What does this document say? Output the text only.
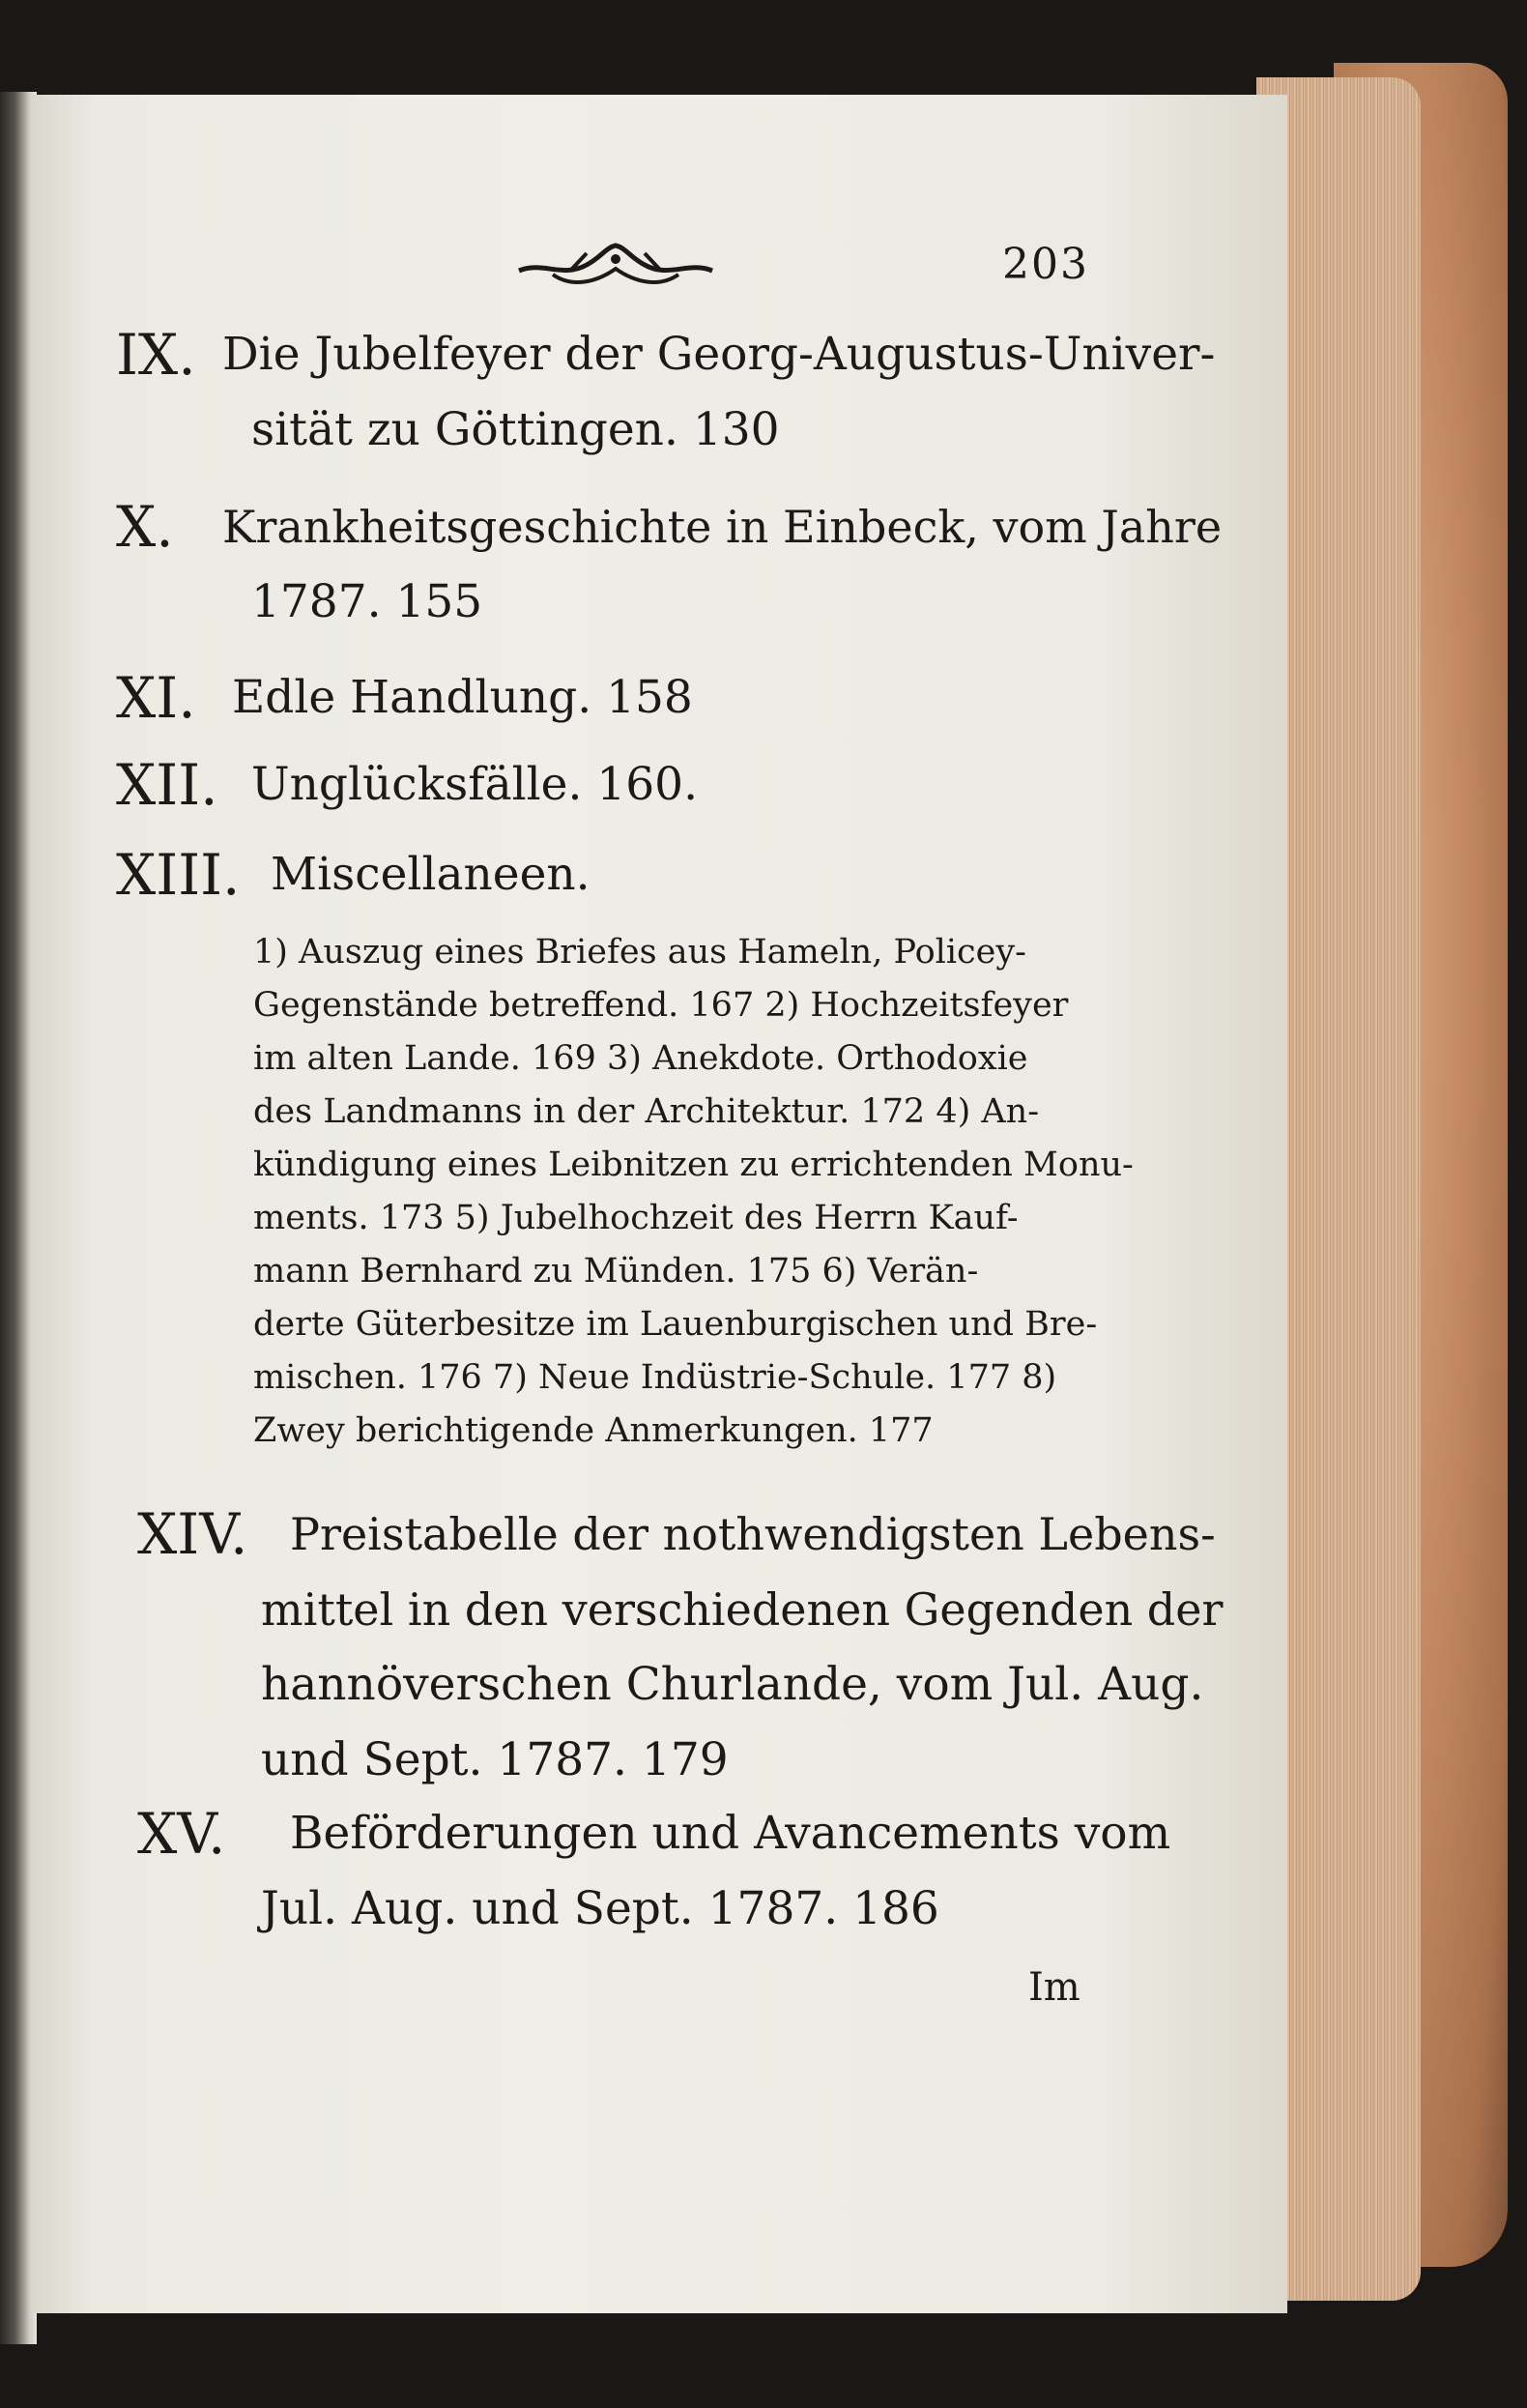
203
IX. Die Jubelfeyer der Georg-Augustus-Univer-
sität zu Göttingen. 130
X. Krankheitsgeschichte in Einbeck, vom Jahre
1787. 155
XI. Edle Handlung. 158
XII. Unglücksfälle. 160.
XIII. Miscellaneen.
1) Auszug eines Briefes aus Hameln, Policey-
Gegenstände betreffend. 167 2) Hochzeitsfeyer
im alten Lande. 169 3) Anekdote. Orthodoxie
des Landmanns in der Architektur. 172 4) An-
kündigung eines Leibnitzen zu errichtenden Monu-
ments. 173 5) Jubelhochzeit des Herrn Kauf-
mann Bernhard zu Münden. 175 6) Verän-
derte Güterbesitze im Lauenburgischen und Bre-
mischen. 176 7) Neue Indüstrie-Schule. 177 8)
Zwey berichtigende Anmerkungen. 177
XIV. Preistabelle der nothwendigsten Lebens-
mittel in den verschiedenen Gegenden der
hannöverschen Churlande, vom Jul. Aug.
und Sept. 1787. 179
XV. Beförderungen und Avancements vom
Jul. Aug. und Sept. 1787. 186
Im
